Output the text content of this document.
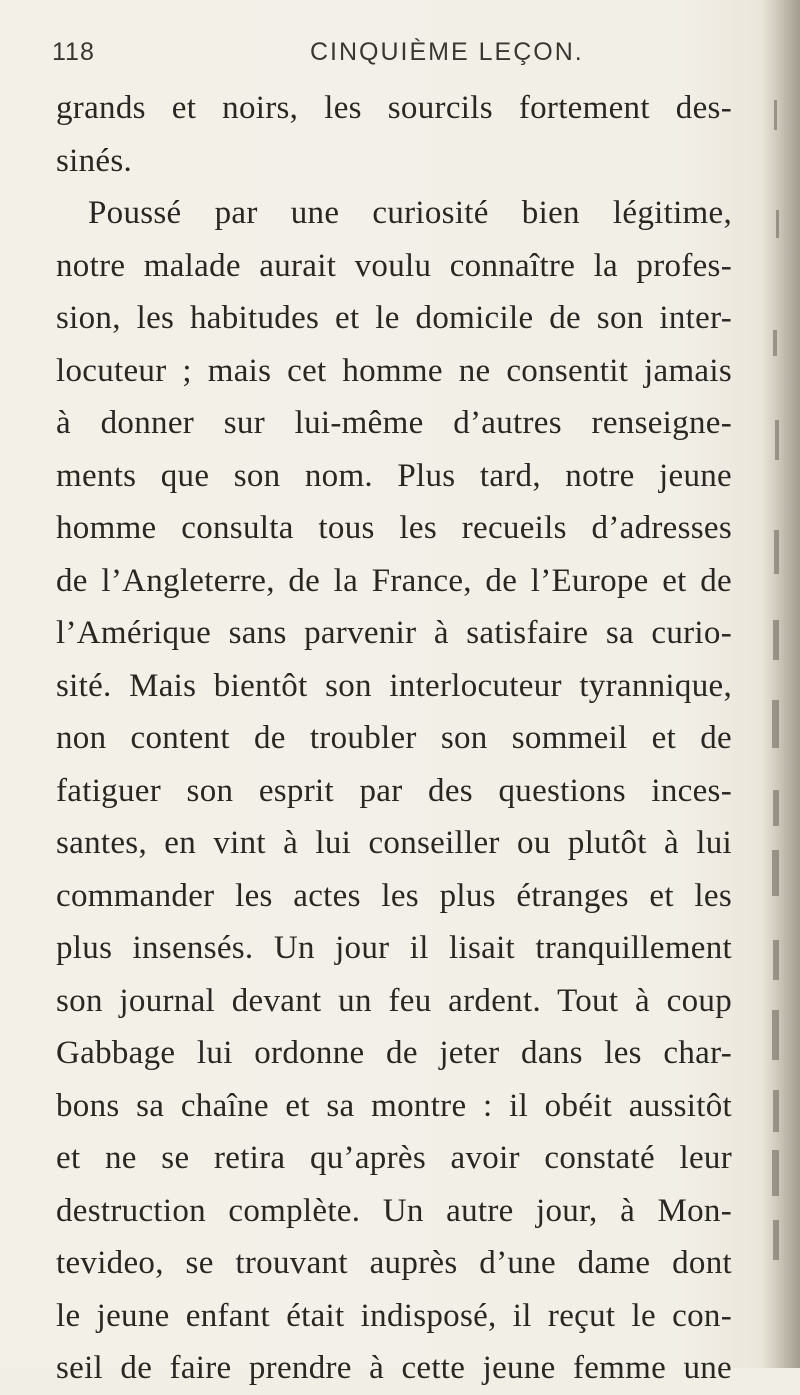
118	CINQUIÈME LEÇON.
grands et noirs, les sourcils fortement des-
sinés.
Poussé par une curiosité bien légitime,
notre malade aurait voulu connaître la profes-
sion, les habitudes et le domicile de son inter-
locuteur ; mais cet homme ne consentit jamais
à donner sur lui-même d’autres renseigne-
ments que son nom. Plus tard, notre jeune
homme consulta tous les recueils d’adresses
de l’Angleterre, de la France, de l’Europe et de
l’Amérique sans parvenir à satisfaire sa curio-
sité. Mais bientôt son interlocuteur tyrannique,
non content de troubler son sommeil et de
fatiguer son esprit par des questions inces-
santes, en vint à lui conseiller ou plutôt à lui
commander les actes les plus étranges et les
plus insensés. Un jour il lisait tranquillement
son journal devant un feu ardent. Tout à coup
Gabbage lui ordonne de jeter dans les char-
bons sa chaîne et sa montre : il obéit aussitôt
et ne se retira qu’après avoir constaté leur
destruction complète. Un autre jour, à Mon-
tevideo, se trouvant auprès d’une dame dont
le jeune enfant était indisposé, il reçut le con-
seil de faire prendre à cette jeune femme une
